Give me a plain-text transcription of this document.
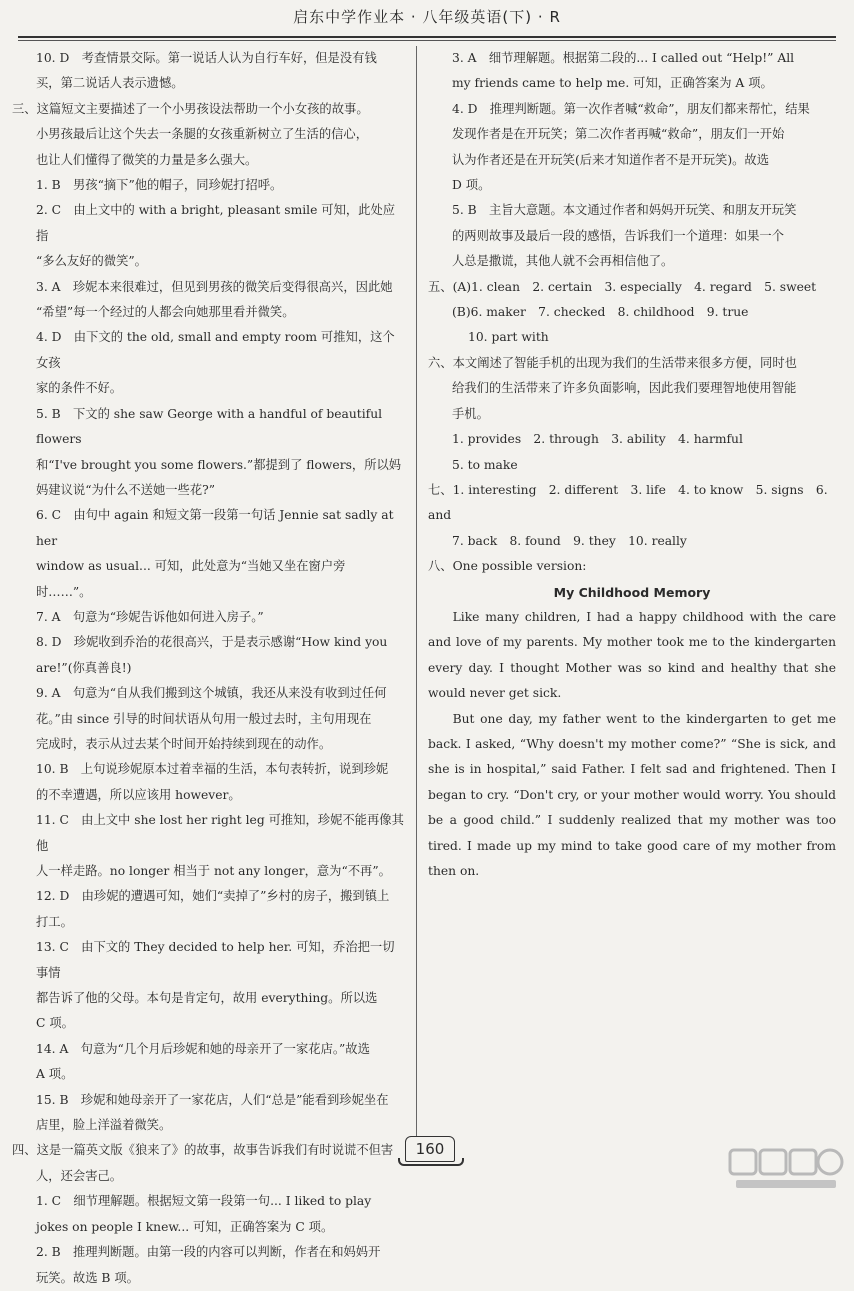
启东中学作业本 · 八年级英语(下) · R

10. D　考查情景交际。第一说话人认为自行车好，但是没有钱

买，第二说话人表示遗憾。

三、这篇短文主要描述了一个小男孩设法帮助一个小女孩的故事。

小男孩最后让这个失去一条腿的女孩重新树立了生活的信心，

也让人们懂得了微笑的力量是多么强大。

1. B　男孩“摘下”他的帽子，同珍妮打招呼。

2. C　由上文中的 with a bright, pleasant smile 可知，此处应指

“多么友好的微笑”。

3. A　珍妮本来很难过，但见到男孩的微笑后变得很高兴，因此她

“希望”每一个经过的人都会向她那里看并微笑。

4. D　由下文的 the old, small and empty room 可推知，这个女孩

家的条件不好。

5. B　下文的 she saw George with a handful of beautiful flowers

和“I've brought you some flowers.”都提到了 flowers，所以妈

妈建议说“为什么不送她一些花?”

6. C　由句中 again 和短文第一段第一句话 Jennie sat sadly at her

window as usual... 可知，此处意为“当她又坐在窗户旁

时……”。

7. A　句意为“珍妮告诉他如何进入房子。”

8. D　珍妮收到乔治的花很高兴，于是表示感谢“How kind you

are!”(你真善良!)

9. A　句意为“自从我们搬到这个城镇，我还从来没有收到过任何

花。”由 since 引导的时间状语从句用一般过去时，主句用现在

完成时，表示从过去某个时间开始持续到现在的动作。

10. B　上句说珍妮原本过着幸福的生活，本句表转折，说到珍妮

的不幸遭遇，所以应该用 however。

11. C　由上文中 she lost her right leg 可推知，珍妮不能再像其他

人一样走路。no longer 相当于 not any longer，意为“不再”。

12. D　由珍妮的遭遇可知，她们“卖掉了”乡村的房子，搬到镇上

打工。

13. C　由下文的 They decided to help her. 可知，乔治把一切事情

都告诉了他的父母。本句是肯定句，故用 everything。所以选

C 项。

14. A　句意为“几个月后珍妮和她的母亲开了一家花店。”故选

A 项。

15. B　珍妮和她母亲开了一家花店，人们“总是”能看到珍妮坐在

店里，脸上洋溢着微笑。

四、这是一篇英文版《狼来了》的故事，故事告诉我们有时说谎不但害

人，还会害己。

1. C　细节理解题。根据短文第一段第一句... I liked to play

jokes on people I knew... 可知，正确答案为 C 项。

2. B　推理判断题。由第一段的内容可以判断，作者在和妈妈开

玩笑。故选 B 项。

3. A　细节理解题。根据第二段的... I called out “Help!” All

my friends came to help me. 可知，正确答案为 A 项。

4. D　推理判断题。第一次作者喊“救命”，朋友们都来帮忙，结果

发现作者是在开玩笑；第二次作者再喊“救命”，朋友们一开始

认为作者还是在开玩笑(后来才知道作者不是开玩笑)。故选

D 项。

5. B　主旨大意题。本文通过作者和妈妈开玩笑、和朋友开玩笑

的两则故事及最后一段的感悟，告诉我们一个道理：如果一个

人总是撒谎，其他人就不会再相信他了。

五、(A)1. clean　2. certain　3. especially　4. regard　5. sweet

(B)6. maker　7. checked　8. childhood　9. true

10. part with

六、本文阐述了智能手机的出现为我们的生活带来很多方便，同时也

给我们的生活带来了许多负面影响，因此我们要理智地使用智能

手机。

1. provides　2. through　3. ability　4. harmful

5. to make

七、1. interesting　2. different　3. life　4. to know　5. signs　6. and

7. back　8. found　9. they　10. really

八、One possible version:

My Childhood Memory

Like many children, I had a happy childhood with the care and love of my parents. My mother took me to the kindergarten every day. I thought Mother was so kind and healthy that she would never get sick.

But one day, my father went to the kindergarten to get me back. I asked, “Why doesn't my mother come?” “She is sick, and she is in hospital,” said Father. I felt sad and frightened. Then I began to cry. “Don't cry, or your mother would worry. You should be a good child.” I suddenly realized that my mother was too tired. I made up my mind to take good care of my mother from then on.

160
